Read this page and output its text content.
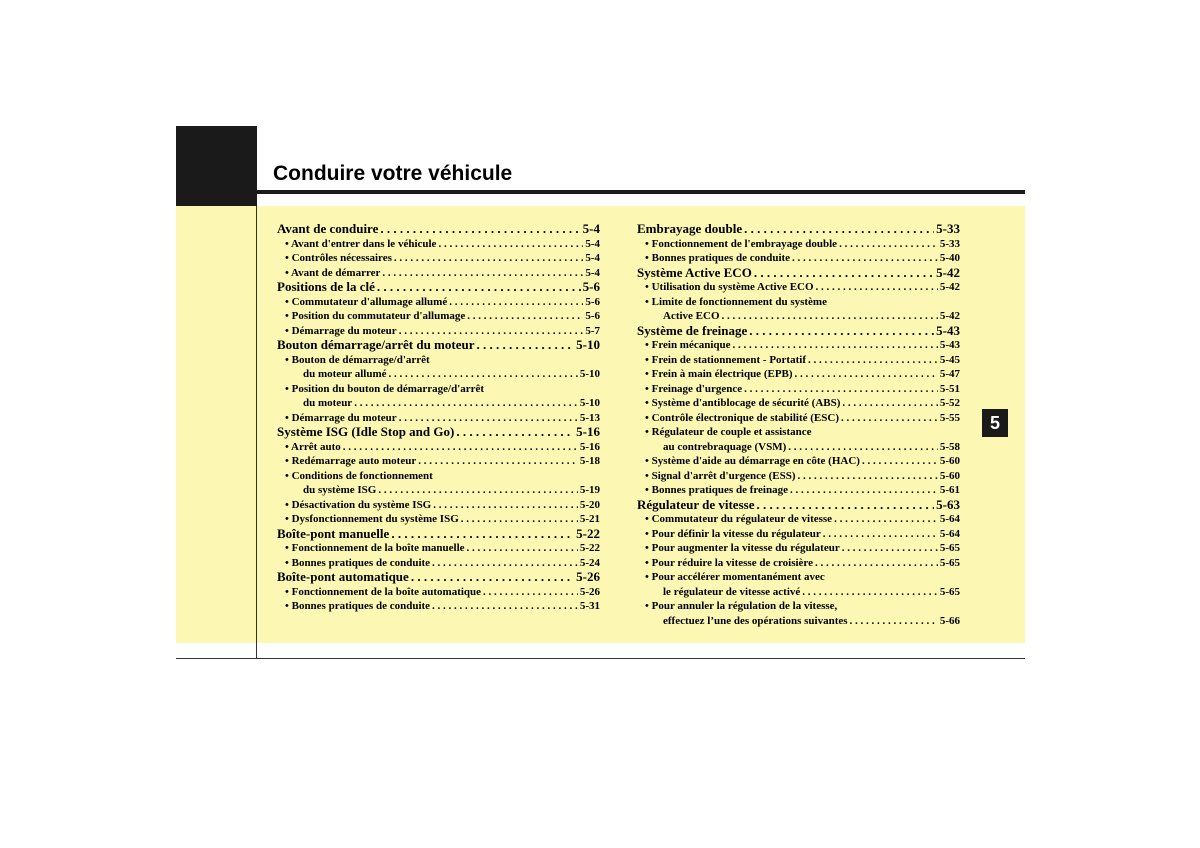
Conduire votre véhicule
5
Avant de conduire . . .	5-4
• Avant d'entrer dans le véhicule . . .	5-4
• Contrôles nécessaires . . .	5-4
• Avant de démarrer . . .	5-4
Positions de la clé . . .	5-6
• Commutateur d'allumage allumé . . .	5-6
• Position du commutateur d'allumage . . .	5-6
• Démarrage du moteur . . .	5-7
Bouton démarrage/arrêt du moteur . . .	5-10
• Bouton de démarrage/d'arrêt
du moteur allumé . . .	5-10
• Position du bouton de démarrage/d'arrêt
du moteur . . .	5-10
• Démarrage du moteur . . .	5-13
Système ISG (Idle Stop and Go) . . .	5-16
• Arrêt auto . . .	5-16
• Redémarrage auto moteur . . .	5-18
• Conditions de fonctionnement
du système ISG . . .	5-19
• Désactivation du système ISG . . .	5-20
• Dysfonctionnement du système ISG . . .	5-21
Boîte-pont manuelle . . .	5-22
• Fonctionnement de la boîte manuelle . . .	5-22
• Bonnes pratiques de conduite . . .	5-24
Boîte-pont automatique . . .	5-26
• Fonctionnement de la boîte automatique . . .	5-26
• Bonnes pratiques de conduite . . .	5-31
Embrayage double . . .	5-33
• Fonctionnement de l'embrayage double . . .	5-33
• Bonnes pratiques de conduite . . .	5-40
Système Active ECO . . .	5-42
• Utilisation du système Active ECO . . .	5-42
• Limite de fonctionnement du système
Active ECO . . .	5-42
Système de freinage . . .	5-43
• Frein mécanique . . .	5-43
• Frein de stationnement - Portatif . . .	5-45
• Frein à main électrique (EPB) . . .	5-47
• Freinage d'urgence . . .	5-51
• Système d'antiblocage de sécurité (ABS) . . .	5-52
• Contrôle électronique de stabilité (ESC) . . .	5-55
• Régulateur de couple et assistance
au contrebraquage (VSM) . . .	5-58
• Système d'aide au démarrage en côte (HAC) . . .	5-60
• Signal d'arrêt d'urgence (ESS) . . .	5-60
• Bonnes pratiques de freinage . . .	5-61
Régulateur de vitesse . . .	5-63
• Commutateur du régulateur de vitesse . . .	5-64
• Pour définir la vitesse du régulateur . . .	5-64
• Pour augmenter la vitesse du régulateur . . .	5-65
• Pour réduire la vitesse de croisière . . .	5-65
• Pour accélérer momentanément avec
le régulateur de vitesse activé . . .	5-65
• Pour annuler la régulation de la vitesse,
effectuez l’une des opérations suivantes . . .	5-66
